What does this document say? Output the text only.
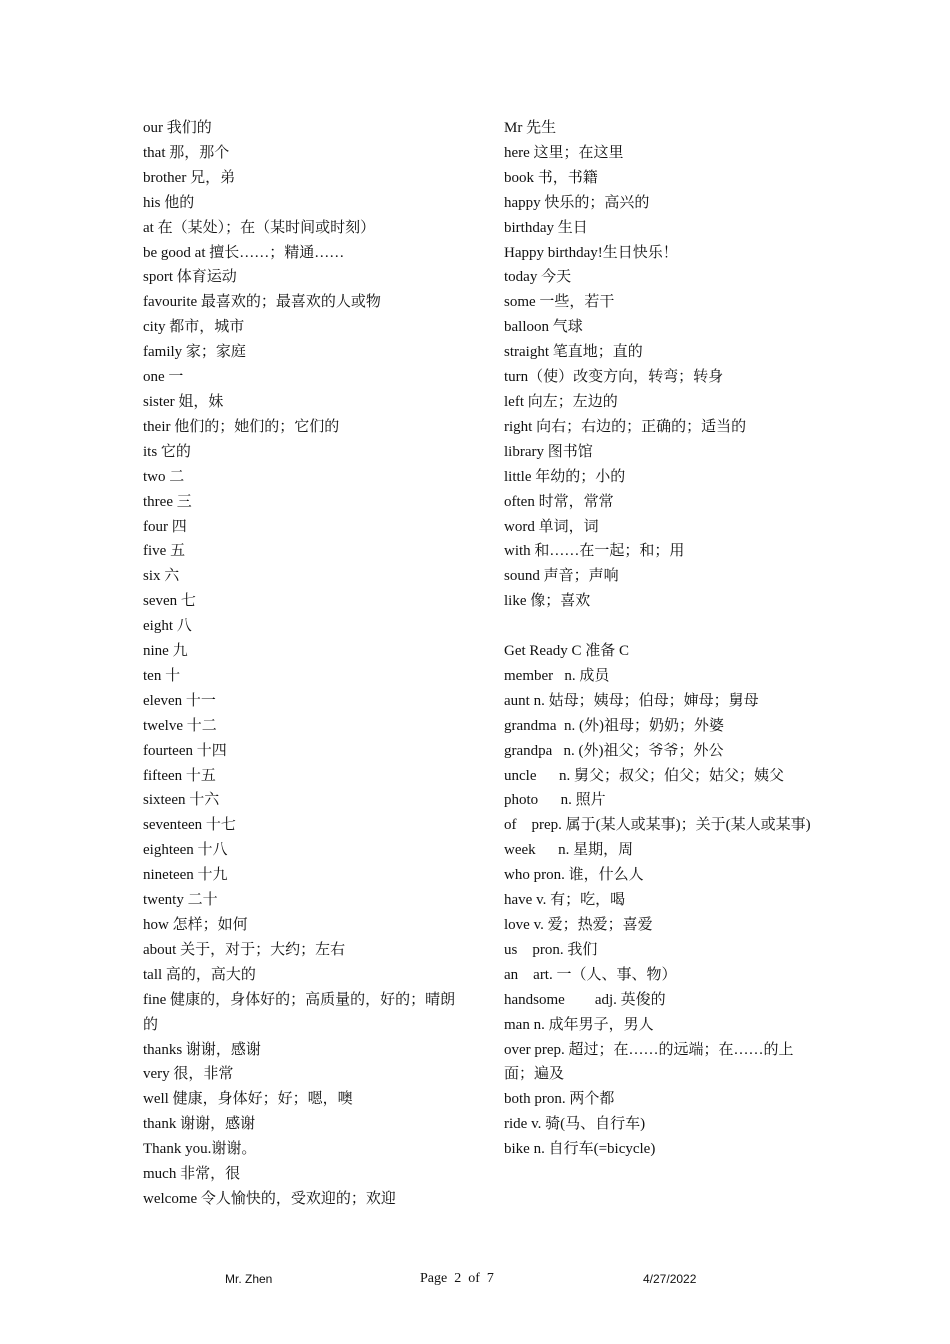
our 我们的
that 那，那个
brother 兄，弟
his 他的
at 在（某处）；在（某时间或时刻）
be good at 擅长……；精通……
sport 体育运动
favourite 最喜欢的；最喜欢的人或物
city 都市，城市
family 家；家庭
one 一
sister 姐，妹
their 他们的；她们的；它们的
its 它的
two 二
three 三
four 四
five 五
six 六
seven 七
eight 八
nine 九
ten 十
eleven 十一
twelve 十二
fourteen 十四
fifteen 十五
sixteen 十六
seventeen 十七
eighteen 十八
nineteen 十九
twenty 二十
how 怎样；如何
about 关于，对于；大约；左右
tall 高的，高大的
fine 健康的，身体好的；高质量的，好的；晴朗的
thanks 谢谢，感谢
very 很，非常
well 健康，身体好；好；嗯，噢
thank 谢谢，感谢
Thank you.谢谢。
much 非常，很
welcome 令人愉快的，受欢迎的；欢迎
Mr 先生
here 这里；在这里
book 书，书籍
happy 快乐的；高兴的
birthday 生日
Happy birthday!生日快乐！
today 今天
some 一些，若干
balloon 气球
straight 笔直地；直的
turn（使）改变方向，转弯；转身
left 向左；左边的
right 向右；右边的；正确的；适当的
library 图书馆
little 年幼的；小的
often 时常，常常
word 单词，词
with 和……在一起；和；用
sound 声音；声响
like 像；喜欢
Get Ready C 准备 C
member   n. 成员
aunt n. 姑母；姨母；伯母；婶母；舅母
grandma  n. (外)祖母；奶奶；外婆
grandpa   n. (外)祖父；爷爷；外公
uncle      n. 舅父；叔父；伯父；姑父；姨父
photo      n. 照片
of    prep. 属于(某人或某事)；关于(某人或某事)
week      n. 星期，周
who pron. 谁，什么人
have v. 有；吃，喝
love v. 爱；热爱；喜爱
us    pron. 我们
an    art. 一（人、事、物）
handsome        adj. 英俊的
man n. 成年男子，男人
over prep. 超过；在……的远端；在……的上面；遍及
both pron. 两个都
ride v. 骑(马、自行车)
bike n. 自行车(=bicycle)
Mr. Zhen	Page  2  of  7	4/27/2022
